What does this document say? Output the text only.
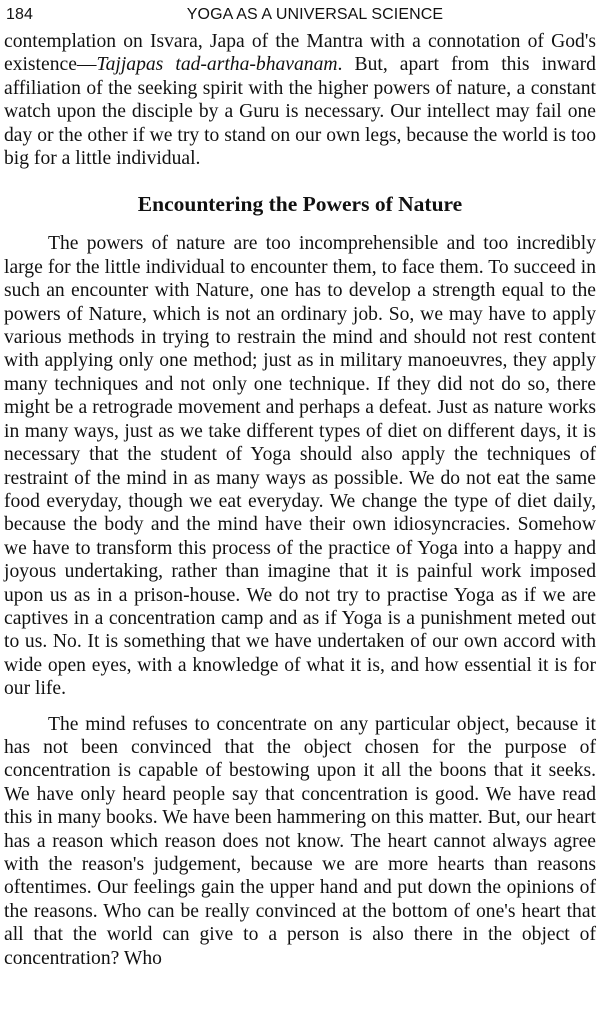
184	YOGA AS A UNIVERSAL SCIENCE

contemplation on Isvara, Japa of the Mantra with a connotation of God's existence—Tajjapas tad-artha-bhavanam. But, apart from this inward affiliation of the seeking spirit with the higher powers of nature, a constant watch upon the disciple by a Guru is necessary. Our intellect may fail one day or the other if we try to stand on our own legs, because the world is too big for a little individual.

Encountering the Powers of Nature

The powers of nature are too incomprehensible and too incredibly large for the little individual to encounter them, to face them. To succeed in such an encounter with Nature, one has to develop a strength equal to the powers of Nature, which is not an ordinary job. So, we may have to apply various methods in trying to restrain the mind and should not rest content with applying only one method; just as in military manoeuvres, they apply many techniques and not only one technique. If they did not do so, there might be a retrograde movement and perhaps a defeat. Just as nature works in many ways, just as we take different types of diet on different days, it is necessary that the student of Yoga should also apply the techniques of restraint of the mind in as many ways as possible. We do not eat the same food everyday, though we eat everyday. We change the type of diet daily, because the body and the mind have their own idiosyncracies. Somehow we have to transform this process of the practice of Yoga into a happy and joyous undertaking, rather than imagine that it is painful work imposed upon us as in a prison-house. We do not try to practise Yoga as if we are captives in a concentration camp and as if Yoga is a punishment meted out to us. No. It is something that we have undertaken of our own accord with wide open eyes, with a knowledge of what it is, and how essential it is for our life.

The mind refuses to concentrate on any particular object, because it has not been convinced that the object chosen for the purpose of concentration is capable of bestowing upon it all the boons that it seeks. We have only heard people say that concentration is good. We have read this in many books. We have been hammering on this matter. But, our heart has a reason which reason does not know. The heart cannot always agree with the reason's judgement, because we are more hearts than reasons oftentimes. Our feelings gain the upper hand and put down the opinions of the reasons. Who can be really convinced at the bottom of one's heart that all that the world can give to a person is also there in the object of concentration? Who
